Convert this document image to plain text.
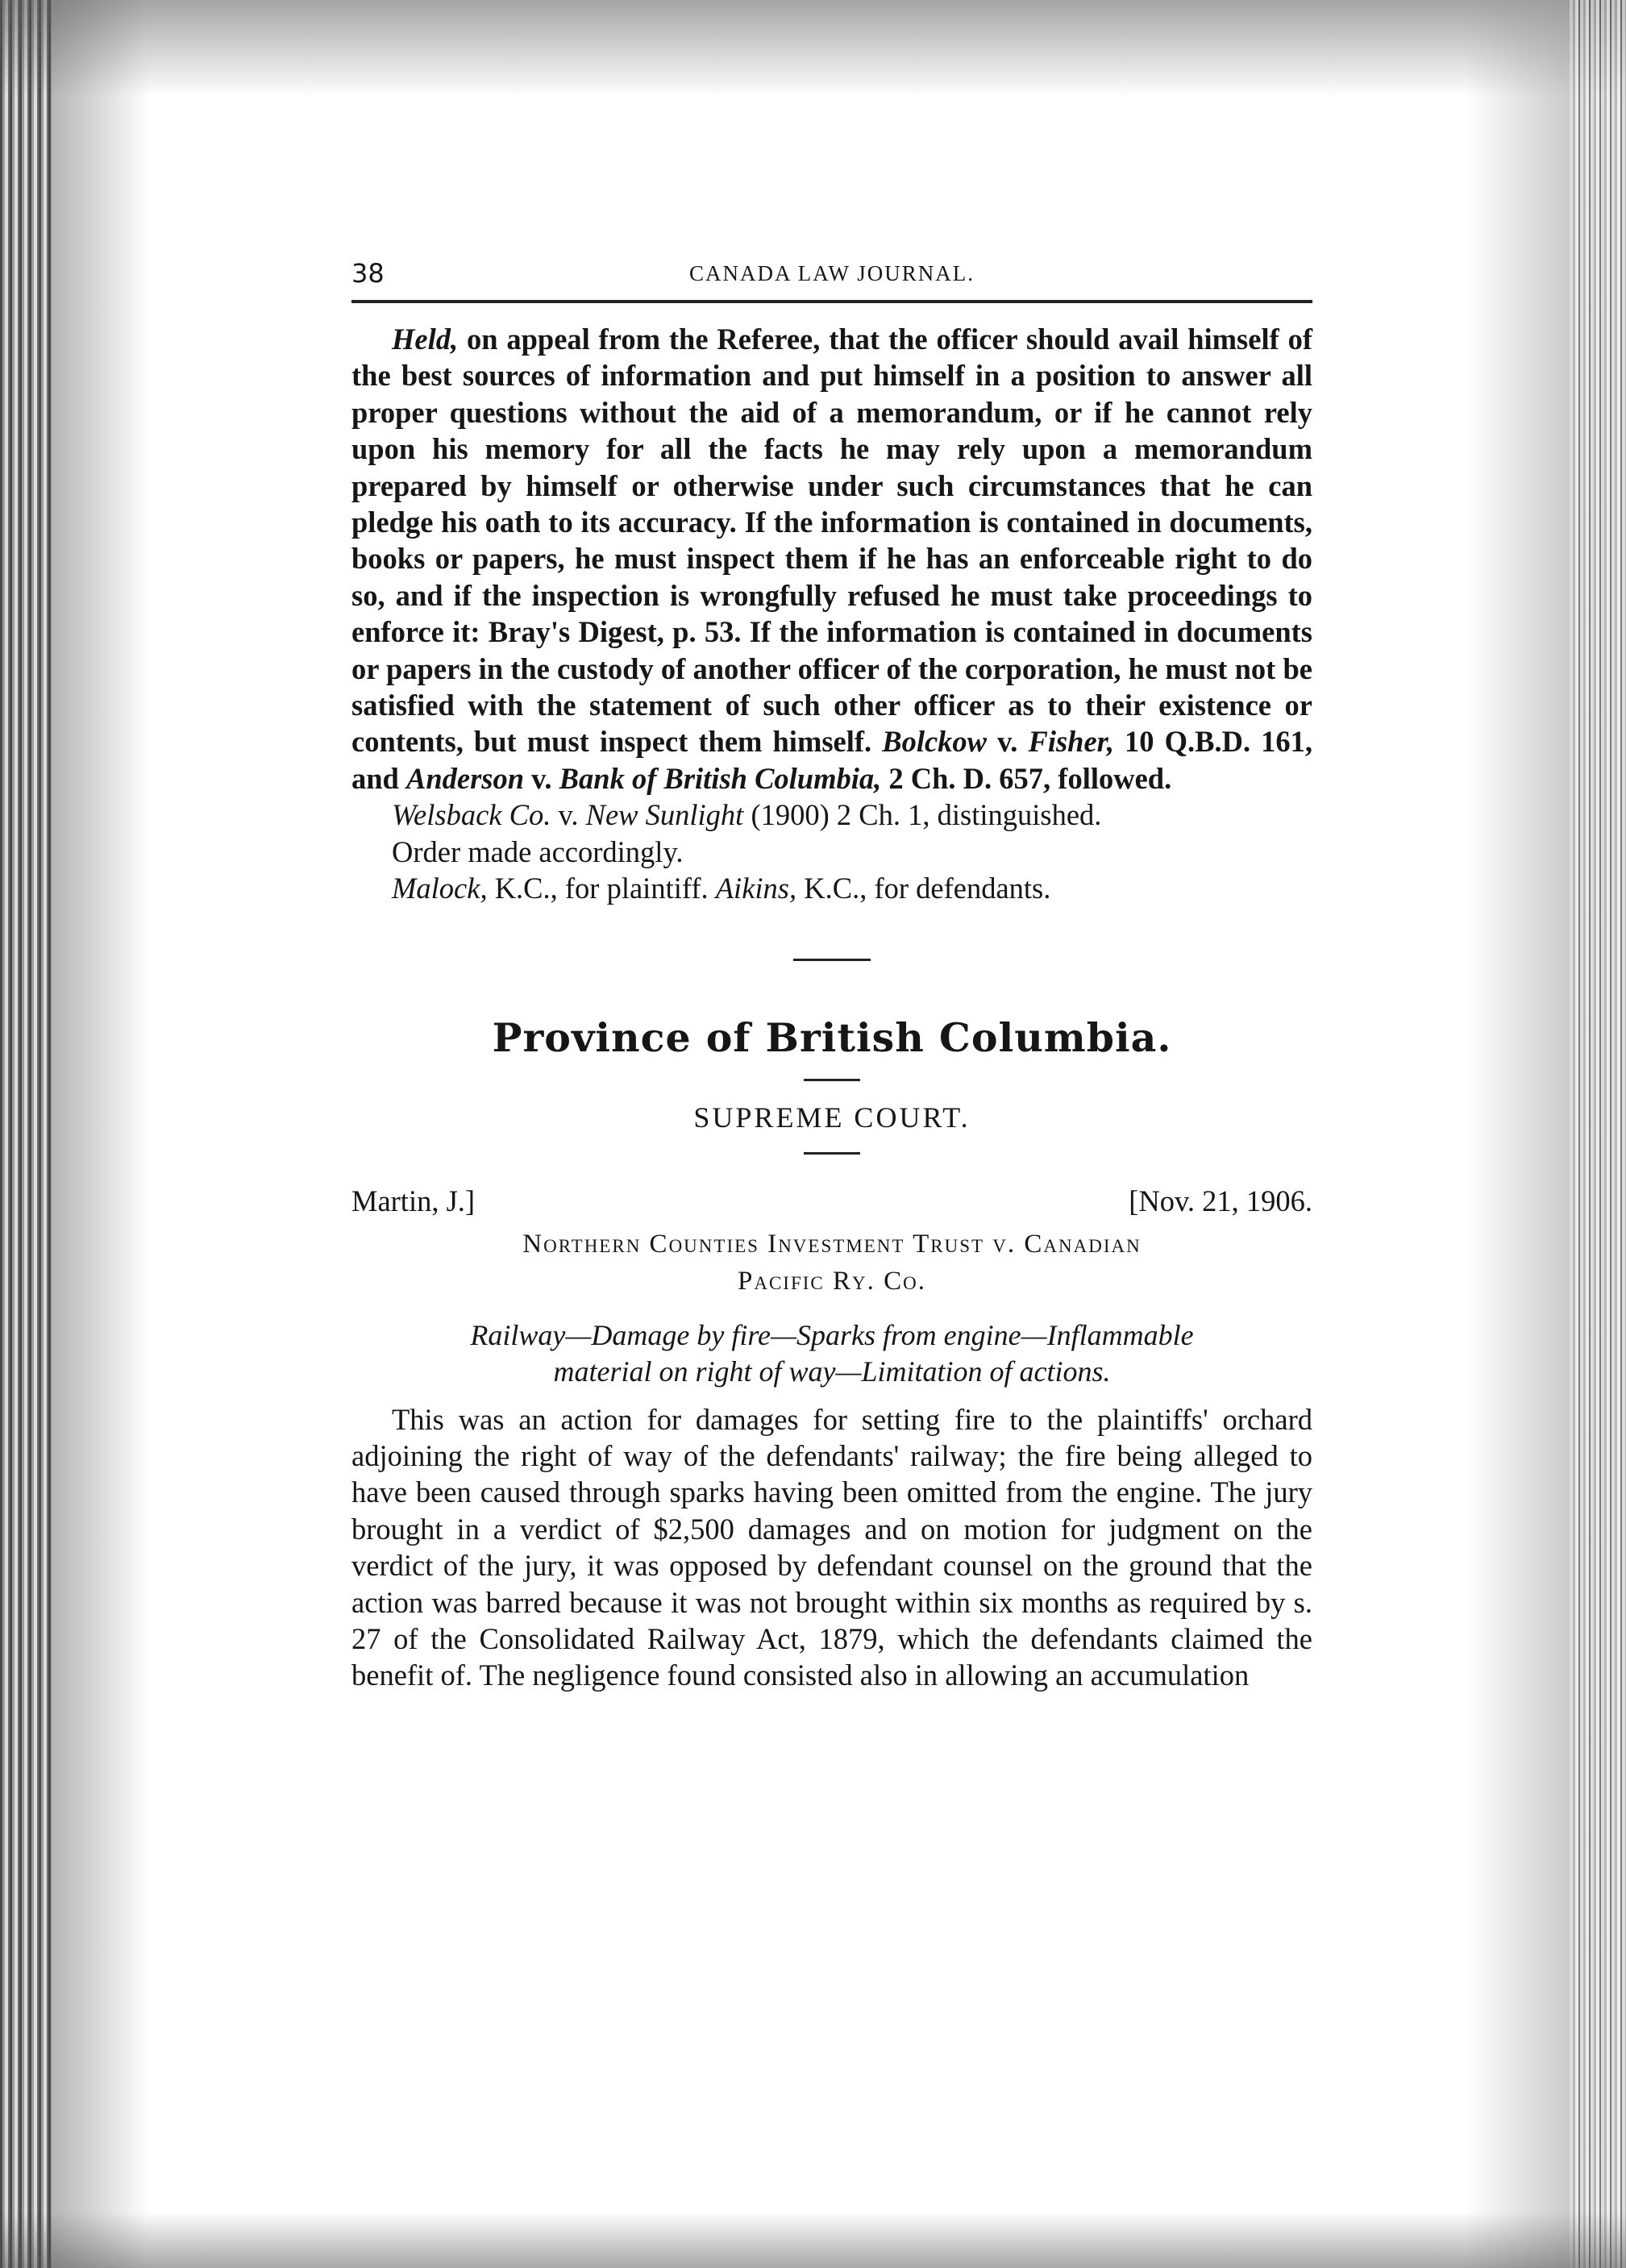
38	CANADA LAW JOURNAL.

Held, on appeal from the Referee, that the officer should avail himself of the best sources of information and put himself in a position to answer all proper questions without the aid of a memorandum, or if he cannot rely upon his memory for all the facts he may rely upon a memorandum prepared by himself or otherwise under such circumstances that he can pledge his oath to its accuracy. If the information is contained in documents, books or papers, he must inspect them if he has an enforceable right to do so, and if the inspection is wrongfully refused he must take proceedings to enforce it: Bray's Digest, p. 53. If the information is contained in documents or papers in the custody of another officer of the corporation, he must not be satisfied with the statement of such other officer as to their existence or contents, but must inspect them himself. Bolckow v. Fisher, 10 Q.B.D. 161, and Anderson v. Bank of British Columbia, 2 Ch. D. 657, followed.

Welsback Co. v. New Sunlight (1900) 2 Ch. 1, distinguished.

Order made accordingly.

Malock, K.C., for plaintiff. Aikins, K.C., for defendants.

Province of British Columbia.
SUPREME COURT.
Martin, J.]	[Nov. 21, 1906.
Northern Counties Investment Trust v. Canadian
Pacific Ry. Co.
Railway—Damage by fire—Sparks from engine—Inflammable
material on right of way—Limitation of actions.

This was an action for damages for setting fire to the plaintiffs' orchard adjoining the right of way of the defendants' railway; the fire being alleged to have been caused through sparks having been omitted from the engine. The jury brought in a verdict of $2,500 damages and on motion for judgment on the verdict of the jury, it was opposed by defendant counsel on the ground that the action was barred because it was not brought within six months as required by s. 27 of the Consolidated Railway Act, 1879, which the defendants claimed the benefit of. The negligence found consisted also in allowing an accumulation
